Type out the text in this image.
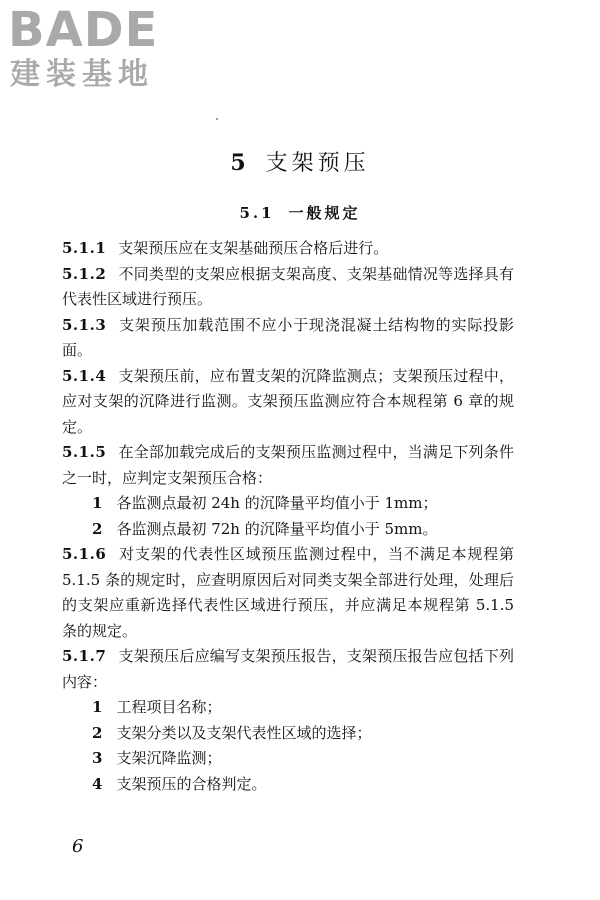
BADE
建装基地
5 支架预压
5.1 一般规定

5.1.1 支架预压应在支架基础预压合格后进行。

5.1.2 不同类型的支架应根据支架高度、支架基础情况等选择具有代表性区域进行预压。

5.1.3 支架预压加载范围不应小于现浇混凝土结构物的实际投影面。

5.1.4 支架预压前，应布置支架的沉降监测点；支架预压过程中，应对支架的沉降进行监测。支架预压监测应符合本规程第 6 章的规定。

5.1.5 在全部加载完成后的支架预压监测过程中，当满足下列条件之一时，应判定支架预压合格：

1 各监测点最初 24h 的沉降量平均值小于 1mm；

2 各监测点最初 72h 的沉降量平均值小于 5mm。

5.1.6 对支架的代表性区域预压监测过程中，当不满足本规程第 5.1.5 条的规定时，应查明原因后对同类支架全部进行处理，处理后的支架应重新选择代表性区域进行预压，并应满足本规程第 5.1.5 条的规定。

5.1.7 支架预压后应编写支架预压报告，支架预压报告应包括下列内容：

1 工程项目名称；

2 支架分类以及支架代表性区域的选择；

3 支架沉降监测；

4 支架预压的合格判定。

6
